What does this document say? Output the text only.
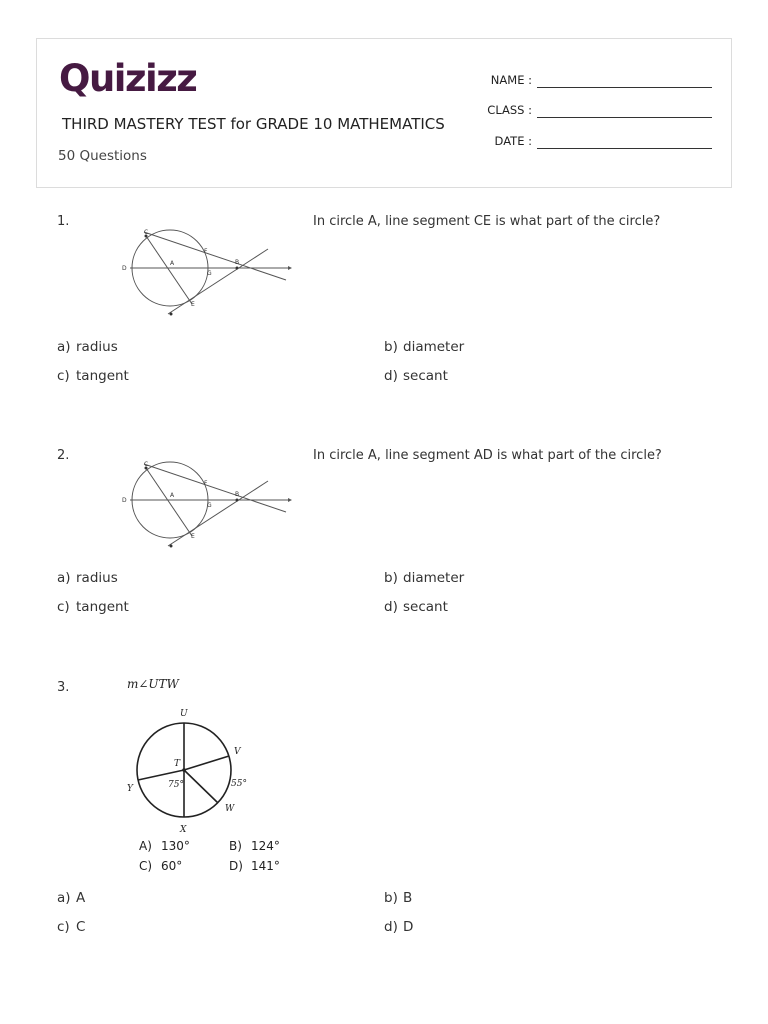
Quizizz
THIRD MASTERY TEST for GRADE 10 MATHEMATICS
50 Questions
NAME :
CLASS :
DATE :
1.	In circle A, line segment CE is what part of the circle?
C
F
D
A
G
B
E
a) radius	b) diameter
c) tangent	d) secant
2.	In circle A, line segment AD is what part of the circle?
C
F
D
A
G
B
E
a) radius	b) diameter
c) tangent	d) secant
3.	m∠UTW
U
V
T
75°	55°
Y
W
X
A) 130°	B) 124°
C) 60°	D) 141°
a) A	b) B
c) C	d) D
